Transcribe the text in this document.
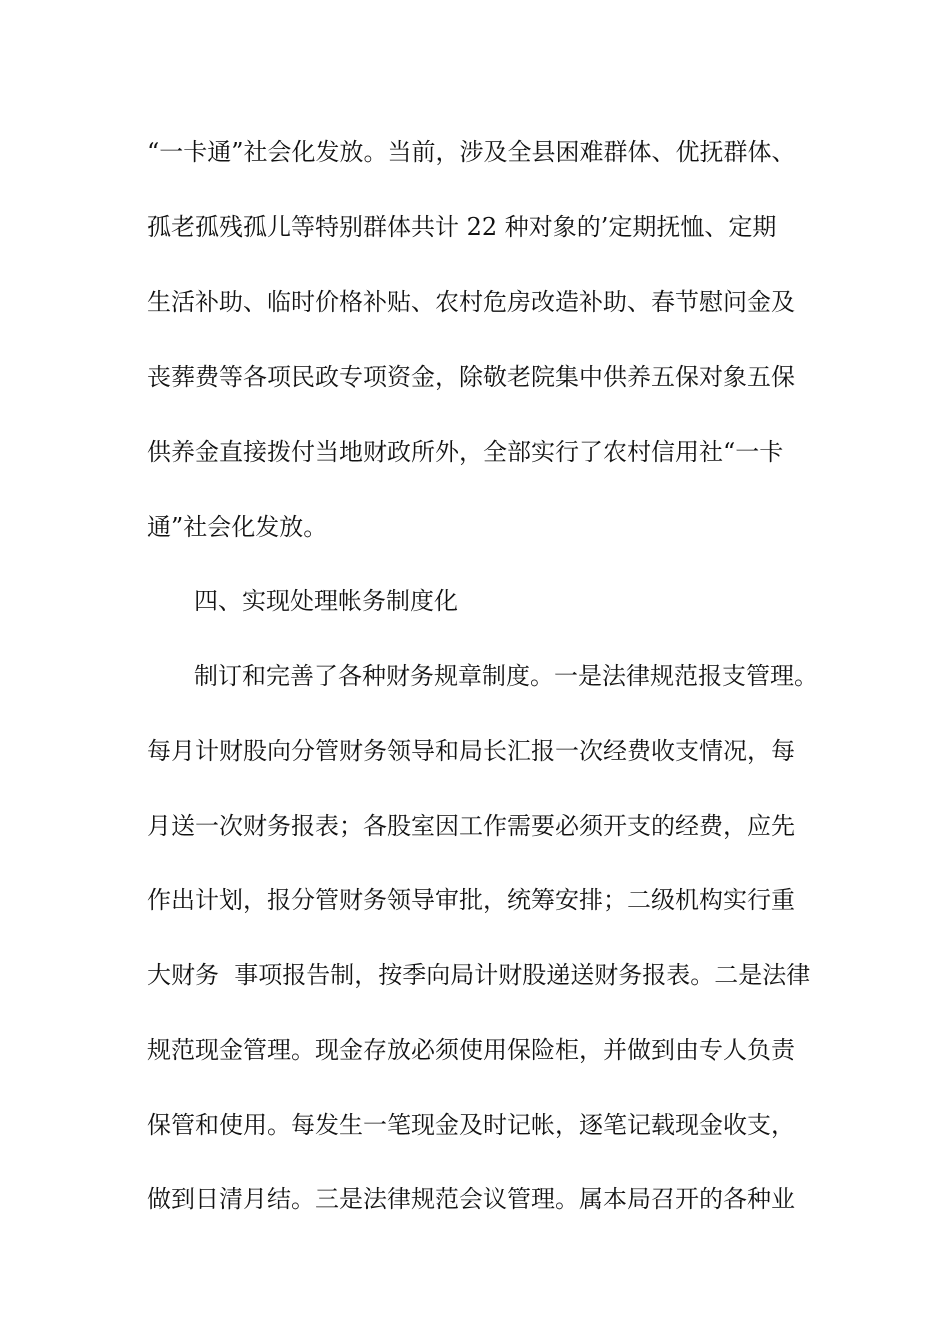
“一卡通”社会化发放。当前，涉及全县困难群体、优抚群体、
孤老孤残孤儿等特别群体共计 22 种对象的’定期抚恤、定期
生活补助、临时价格补贴、农村危房改造补助、春节慰问金及
丧葬费等各项民政专项资金，除敬老院集中供养五保对象五保
供养金直接拨付当地财政所外，全部实行了农村信用社“一卡
通”社会化发放。
四、实现处理帐务制度化
制订和完善了各种财务规章制度。一是法律规范报支管理。
每月计财股向分管财务领导和局长汇报一次经费收支情况，每
月送一次财务报表；各股室因工作需要必须开支的经费，应先
作出计划，报分管财务领导审批，统筹安排；二级机构实行重
大财务  事项报告制，按季向局计财股递送财务报表。二是法律
规范现金管理。现金存放必须使用保险柜，并做到由专人负责
保管和使用。每发生一笔现金及时记帐，逐笔记载现金收支，
做到日清月结。三是法律规范会议管理。属本局召开的各种业
